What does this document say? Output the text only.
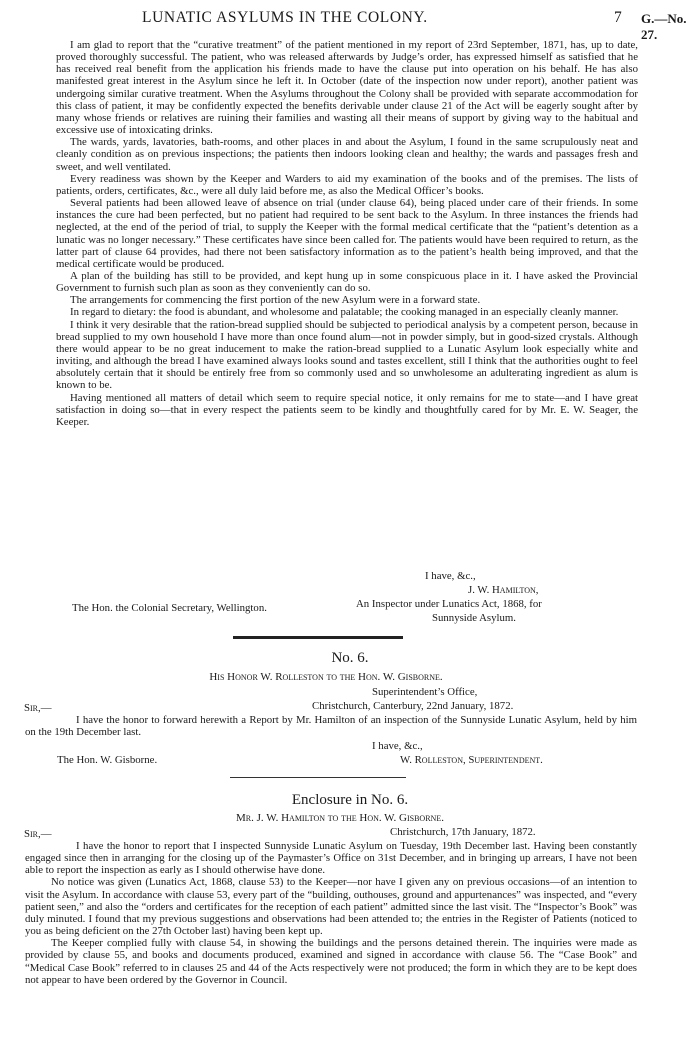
LUNATIC ASYLUMS IN THE COLONY.	7 G.—No. 27.

I am glad to report that the “curative treatment” of the patient mentioned in my report of 23rd September, 1871, has, up to date, proved thoroughly successful. The patient, who was released afterwards by Judge’s order, has expressed himself as satisfied that he has received real benefit from the application his friends made to have the clause put into operation on his behalf. He has also manifested great interest in the Asylum since he left it. In October (date of the inspection now under report), another patient was undergoing similar curative treatment. When the Asylums throughout the Colony shall be provided with separate accommodation for this class of patient, it may be confidently expected the benefits derivable under clause 21 of the Act will be eagerly sought after by many whose friends or relatives are ruining their families and wasting all their means of support by giving way to the habitual and excessive use of intoxicating drinks.

The wards, yards, lavatories, bath-rooms, and other places in and about the Asylum, I found in the same scrupulously neat and cleanly condition as on previous inspections; the patients then indoors looking clean and healthy; the wards and passages fresh and sweet, and well ventilated.

Every readiness was shown by the Keeper and Warders to aid my examination of the books and of the premises. The lists of patients, orders, certificates, &c., were all duly laid before me, as also the Medical Officer’s books.

Several patients had been allowed leave of absence on trial (under clause 64), being placed under care of their friends. In some instances the cure had been perfected, but no patient had required to be sent back to the Asylum. In three instances the friends had neglected, at the end of the period of trial, to supply the Keeper with the formal medical certificate that the “patient’s detention as a lunatic was no longer necessary.” These certificates have since been called for. The patients would have been required to return, as the latter part of clause 64 provides, had there not been satisfactory information as to the patient’s health being improved, and that the medical certificate would be produced.

A plan of the building has still to be provided, and kept hung up in some conspicuous place in it. I have asked the Provincial Government to furnish such plan as soon as they conveniently can do so.

The arrangements for commencing the first portion of the new Asylum were in a forward state.

In regard to dietary: the food is abundant, and wholesome and palatable; the cooking managed in an especially cleanly manner.

I think it very desirable that the ration-bread supplied should be subjected to periodical analysis by a competent person, because in bread supplied to my own household I have more than once found alum—not in powder simply, but in good-sized crystals. Although there would appear to be no great inducement to make the ration-bread supplied to a Lunatic Asylum look especially white and inviting, and although the bread I have examined always looks sound and tastes excellent, still I think that the authorities ought to feel absolutely certain that it should be entirely free from so commonly used and so unwholesome an adulterating ingredient as alum is known to be.

Having mentioned all matters of detail which seem to require special notice, it only remains for me to state—and I have great satisfaction in doing so—that in every respect the patients seem to be kindly and thoughtfully cared for by Mr. E. W. Seager, the Keeper.

I have, &c.,
J. W. Hamilton,
An Inspector under Lunatics Act, 1868, for
Sunnyside Asylum.
The Hon. the Colonial Secretary, Wellington.
No. 6.
His Honor W. Rolleston to the Hon. W. Gisborne.
Superintendent’s Office,
Sir,—	Christchurch, Canterbury, 22nd January, 1872.

I have the honor to forward herewith a Report by Mr. Hamilton of an inspection of the Sunnyside Lunatic Asylum, held by him on the 19th December last.

I have, &c.,
The Hon. W. Gisborne.	W. Rolleston, Superintendent.
Enclosure in No. 6.
Mr. J. W. Hamilton to the Hon. W. Gisborne.
Sir,—	Christchurch, 17th January, 1872.

I have the honor to report that I inspected Sunnyside Lunatic Asylum on Tuesday, 19th December last. Having been constantly engaged since then in arranging for the closing up of the Paymaster’s Office on 31st December, and in bringing up arrears, I have not been able to report the inspection as early as I should otherwise have done.

No notice was given (Lunatics Act, 1868, clause 53) to the Keeper—nor have I given any on previous occasions—of an intention to visit the Asylum. In accordance with clause 53, every part of the “building, outhouses, ground and appurtenances” was inspected, and “every patient seen,” and also the “orders and certificates for the reception of each patient” admitted since the last visit. The “Inspector’s Book” was duly minuted. I found that my previous suggestions and observations had been attended to; the entries in the Register of Patients (noticed to you as being deficient on the 27th October last) having been kept up.

The Keeper complied fully with clause 54, in showing the buildings and the persons detained therein. The inquiries were made as provided by clause 55, and books and documents produced, examined and signed in accordance with clause 56. The “Case Book” and “Medical Case Book” referred to in clauses 25 and 44 of the Acts respectively were not produced; the form in which they are to be kept does not appear to have been ordered by the Governor in Council.
